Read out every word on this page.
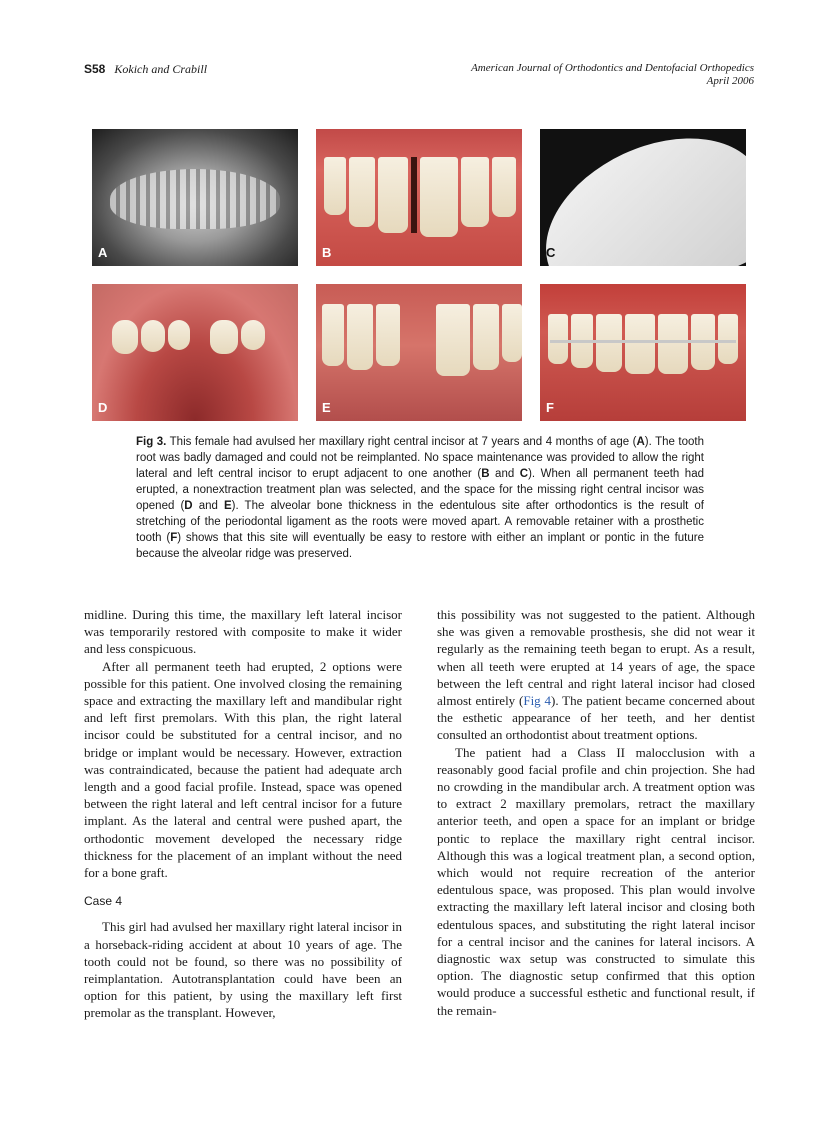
S58 Kokich and Crabill	American Journal of Orthodontics and Dentofacial Orthopedics
April 2006
A	B	C
D	E	F
Fig 3. This female had avulsed her maxillary right central incisor at 7 years and 4 months of age (A). The tooth root was badly damaged and could not be reimplanted. No space maintenance was provided to allow the right lateral and left central incisor to erupt adjacent to one another (B and C). When all permanent teeth had erupted, a nonextraction treatment plan was selected, and the space for the missing right central incisor was opened (D and E). The alveolar bone thickness in the edentulous site after orthodontics is the result of stretching of the periodontal ligament as the roots were moved apart. A removable retainer with a prosthetic tooth (F) shows that this site will eventually be easy to restore with either an implant or pontic in the future because the alveolar ridge was preserved.

midline. During this time, the maxillary left lateral incisor was temporarily restored with composite to make it wider and less conspicuous.

After all permanent teeth had erupted, 2 options were possible for this patient. One involved closing the remaining space and extracting the maxillary left and mandibular right and left first premolars. With this plan, the right lateral incisor could be substituted for a central incisor, and no bridge or implant would be necessary. However, extraction was contraindicated, because the patient had adequate arch length and a good facial profile. Instead, space was opened between the right lateral and left central incisor for a future implant. As the lateral and central were pushed apart, the orthodontic movement developed the necessary ridge thickness for the placement of an implant without the need for a bone graft.

Case 4

This girl had avulsed her maxillary right lateral incisor in a horseback-riding accident at about 10 years of age. The tooth could not be found, so there was no possibility of reimplantation. Autotransplantation could have been an option for this patient, by using the maxillary left first premolar as the transplant. However,

this possibility was not suggested to the patient. Although she was given a removable prosthesis, she did not wear it regularly as the remaining teeth began to erupt. As a result, when all teeth were erupted at 14 years of age, the space between the left central and right lateral incisor had closed almost entirely (Fig 4). The patient became concerned about the esthetic appearance of her teeth, and her dentist consulted an orthodontist about treatment options.

The patient had a Class II malocclusion with a reasonably good facial profile and chin projection. She had no crowding in the mandibular arch. A treatment option was to extract 2 maxillary premolars, retract the maxillary anterior teeth, and open a space for an implant or bridge pontic to replace the maxillary right central incisor. Although this was a logical treatment plan, a second option, which would not require recreation of the anterior edentulous space, was proposed. This plan would involve extracting the maxillary left lateral incisor and closing both edentulous spaces, and substituting the right lateral incisor for a central incisor and the canines for lateral incisors. A diagnostic wax setup was constructed to simulate this option. The diagnostic setup confirmed that this option would produce a successful esthetic and functional result, if the remain-
